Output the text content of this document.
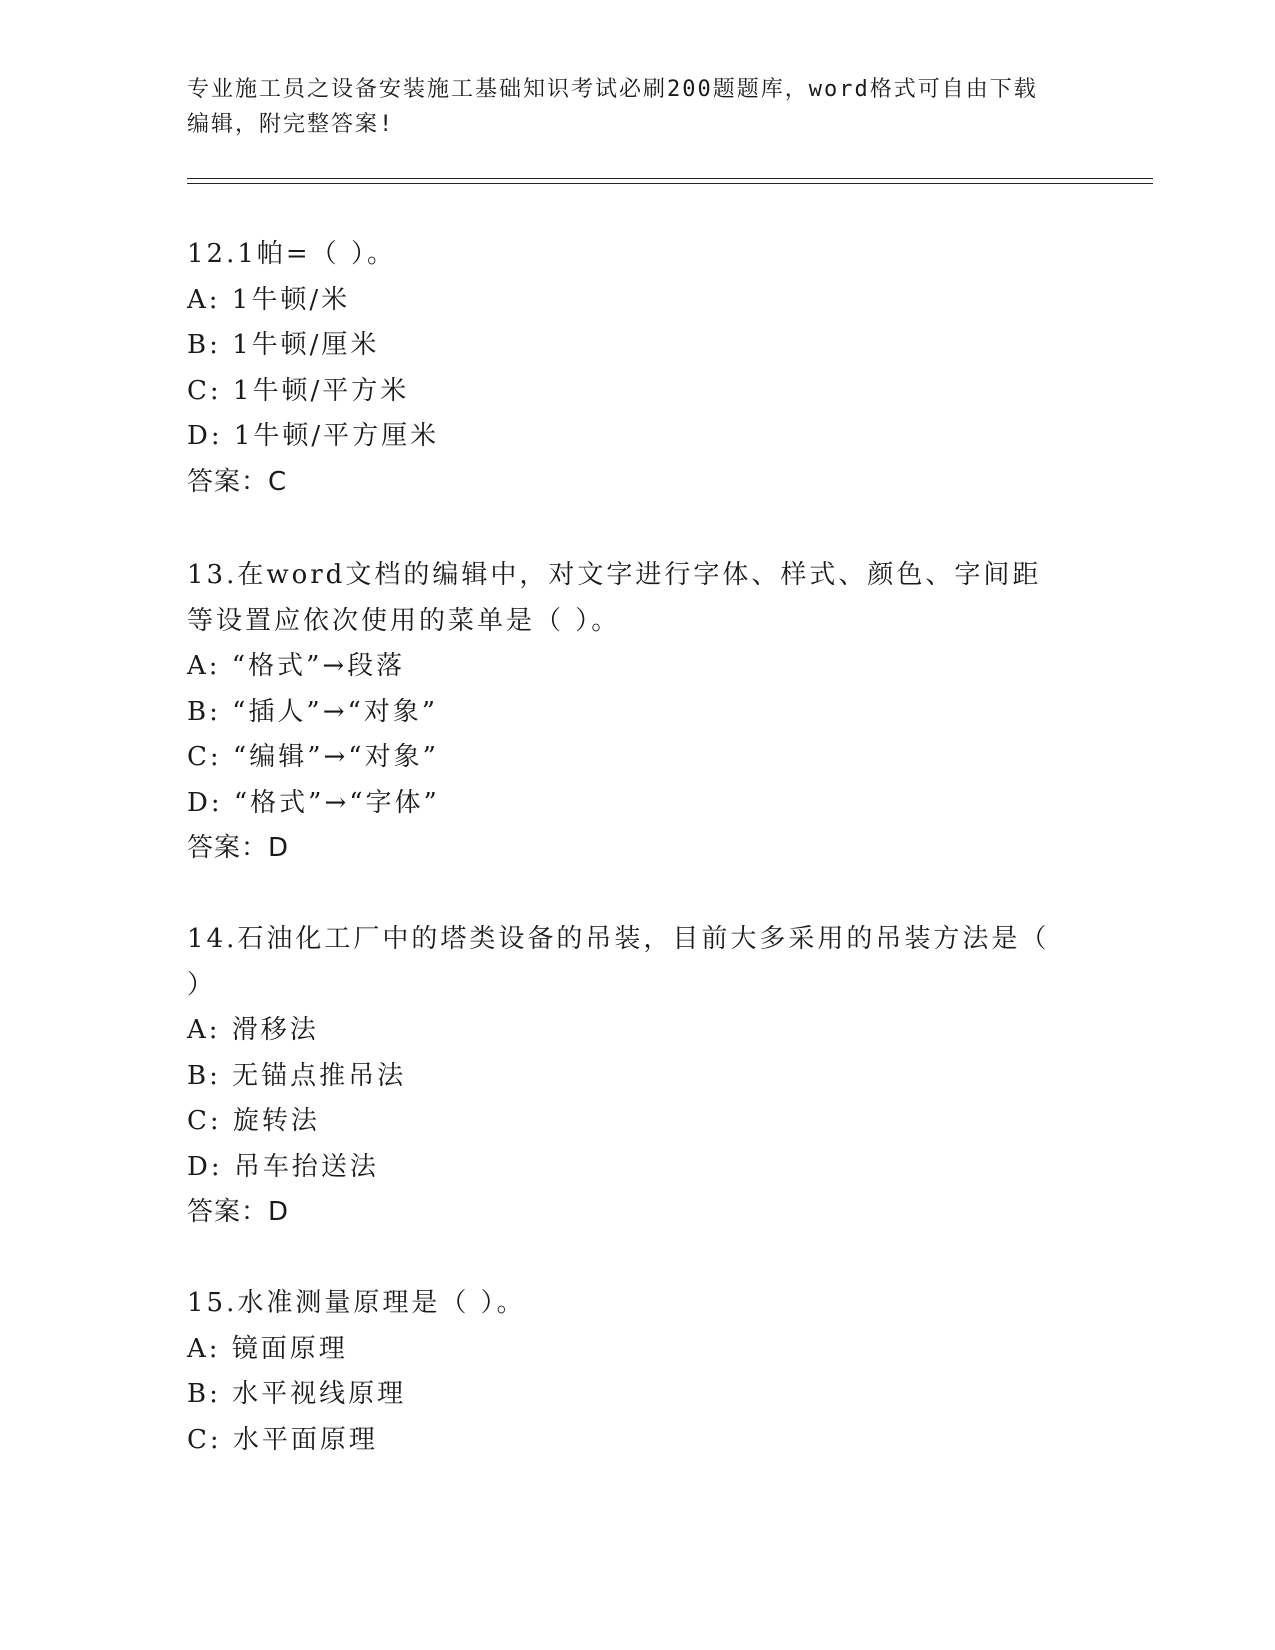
专业施工员之设备安装施工基础知识考试必刷200题题库，word格式可自由下载
编辑，附完整答案!
12.1帕=（ ）。
A: 1牛顿/米
B: 1牛顿/厘米
C: 1牛顿/平方米
D: 1牛顿/平方厘米
答案：C
13.在word文档的编辑中，对文字进行字体、样式、颜色、字间距等设置应依次使用的菜单是（ ）。
A: “格式”→段落
B: “插人”→“对象”
C: “编辑”→“对象”
D: “格式”→“字体”
答案：D
14.石油化工厂中的塔类设备的吊装，目前大多采用的吊装方法是（
）
A: 滑移法
B: 无锚点推吊法
C: 旋转法
D: 吊车抬送法
答案：D
15.水准测量原理是（ ）。
A: 镜面原理
B: 水平视线原理
C: 水平面原理
